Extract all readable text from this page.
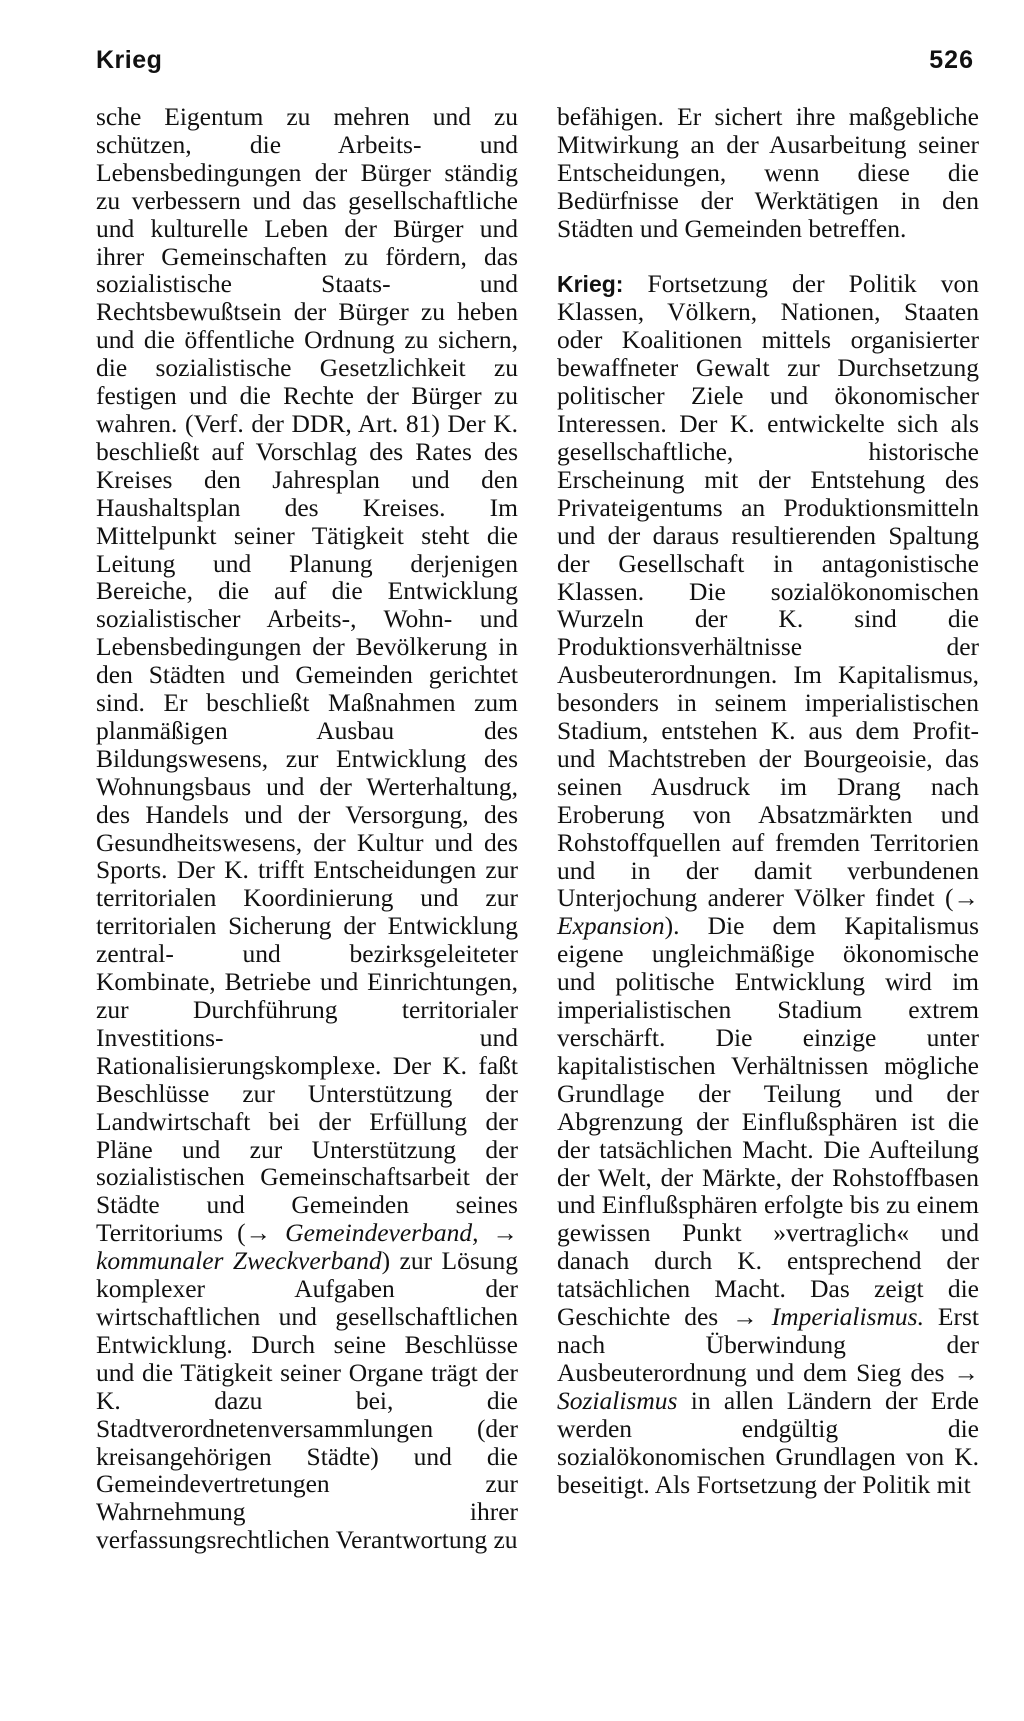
Krieg	526

sche Eigentum zu mehren und zu schützen, die Arbeits- und Lebensbedingungen der Bürger ständig zu verbessern und das gesellschaftliche und kulturelle Leben der Bürger und ihrer Gemeinschaften zu fördern, das sozialistische Staats- und Rechtsbewußtsein der Bürger zu heben und die öffentliche Ordnung zu sichern, die sozialistische Gesetzlichkeit zu festigen und die Rechte der Bürger zu wahren. (Verf. der DDR, Art. 81) Der K. beschließt auf Vorschlag des Rates des Kreises den Jahresplan und den Haushaltsplan des Kreises. Im Mittelpunkt seiner Tätigkeit steht die Leitung und Planung derjenigen Bereiche, die auf die Entwicklung sozialistischer Arbeits-, Wohn- und Lebensbedingungen der Bevölkerung in den Städten und Gemeinden gerichtet sind. Er beschließt Maßnahmen zum planmäßigen Ausbau des Bildungswesens, zur Entwicklung des Wohnungsbaus und der Werterhaltung, des Handels und der Versorgung, des Gesundheitswesens, der Kultur und des Sports. Der K. trifft Entscheidungen zur territorialen Koordinierung und zur territorialen Sicherung der Entwicklung zentral- und bezirksgeleiteter Kombinate, Betriebe und Einrichtungen, zur Durchführung territorialer Investitions- und Rationalisierungskomplexe. Der K. faßt Beschlüsse zur Unterstützung der Landwirtschaft bei der Erfüllung der Pläne und zur Unterstützung der sozialistischen Gemeinschaftsarbeit der Städte und Gemeinden seines Territoriums (→ Gemeindeverband, → kommunaler Zweckverband) zur Lösung komplexer Aufgaben der wirtschaftlichen und gesellschaftlichen Entwicklung. Durch seine Beschlüsse und die Tätigkeit seiner Organe trägt der K. dazu bei, die Stadtverordnetenversammlungen (der kreisangehörigen Städte) und die Gemeindevertretungen zur Wahrnehmung ihrer verfassungsrechtlichen Verantwortung zu

befähigen. Er sichert ihre maßgebliche Mitwirkung an der Ausarbeitung seiner Entscheidungen, wenn diese die Bedürfnisse der Werktätigen in den Städten und Gemeinden betreffen.

Krieg: Fortsetzung der Politik von Klassen, Völkern, Nationen, Staaten oder Koalitionen mittels organisierter bewaffneter Gewalt zur Durchsetzung politischer Ziele und ökonomischer Interessen. Der K. entwickelte sich als gesellschaftliche, historische Erscheinung mit der Entstehung des Privateigentums an Produktionsmitteln und der daraus resultierenden Spaltung der Gesellschaft in antagonistische Klassen. Die sozialökonomischen Wurzeln der K. sind die Produktionsverhältnisse der Ausbeuterordnungen. Im Kapitalismus, besonders in seinem imperialistischen Stadium, entstehen K. aus dem Profit- und Machtstreben der Bourgeoisie, das seinen Ausdruck im Drang nach Eroberung von Absatzmärkten und Rohstoffquellen auf fremden Territorien und in der damit verbundenen Unterjochung anderer Völker findet (→ Expansion). Die dem Kapitalismus eigene ungleichmäßige ökonomische und politische Entwicklung wird im imperialistischen Stadium extrem verschärft. Die einzige unter kapitalistischen Verhältnissen mögliche Grundlage der Teilung und der Abgrenzung der Einflußsphären ist die der tatsächlichen Macht. Die Aufteilung der Welt, der Märkte, der Rohstoffbasen und Einflußsphären erfolgte bis zu einem gewissen Punkt »vertraglich« und danach durch K. entsprechend der tatsächlichen Macht. Das zeigt die Geschichte des → Imperialismus. Erst nach Überwindung der Ausbeuterordnung und dem Sieg des → Sozialismus in allen Ländern der Erde werden endgültig die sozialökonomischen Grundlagen von K. beseitigt. Als Fortsetzung der Politik mit
